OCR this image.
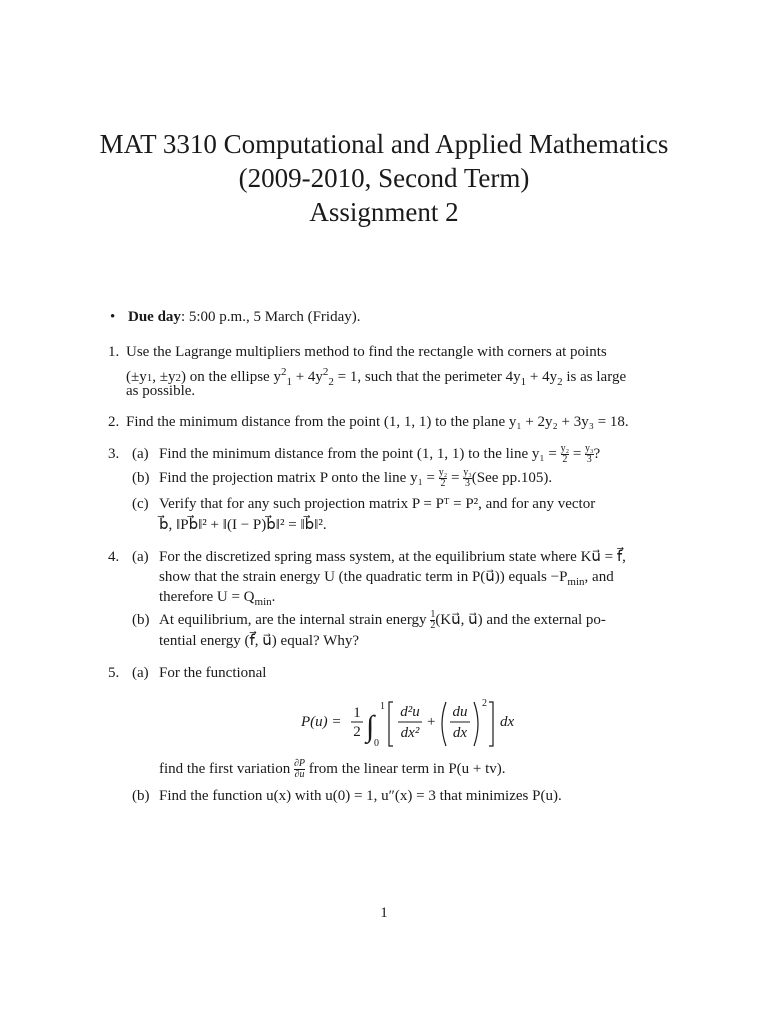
MAT 3310 Computational and Applied Mathematics
(2009-2010, Second Term)
Assignment 2
• Due day: 5:00 p.m., 5 March (Friday).
1. Use the Lagrange multipliers method to find the rectangle with corners at points
(±y1, ±y2) on the ellipse $y^2_1 + 4y^2_2 = 1$, such that the perimeter $4y_1 + 4y_2$ is as large
as possible.
2. Find the minimum distance from the point (1, 1, 1) to the plane y₁ + 2y₂ + 3y₃ = 18.
3. (a) Find the minimum distance from the point (1, 1, 1) to the line $y_1 = \frac{\text{y₂}}{2} = \frac{\text{y₃}}{3}$ ?
(b) Find the projection matrix P onto the line $y_1 = \frac{\text{y₂}}{2} = \frac{\text{y₃}}{3} (See$ pp.105).
(c) Verify that for any such projection matrix P = Pᵀ = P², and for any vector
b⃗, ‖Pb⃗‖² + ‖(I − P)b⃗‖² = ‖b⃗‖².
4. (a) For the discretized spring mass system, at the equilibrium state where Ku⃗ = f⃗,
show that the strain energy U (the quadratic term in P(u⃗)) equals $-P_{min}$, and
therefore $U = Q_{min}$.
(b) At equilibrium, are the internal strain energy $\frac{1}{2}$ (Ku⃗, u⃗) and the external po-
tential energy (f⃗, u⃗) equal? Why?
5. (a) For the functional
find the first variation $\frac{\partial P}{\partial u}$ from the linear term in P(u + tv).
(b) Find the function u(x) with u(0) = 1, u″(x) = 3 that minimizes P(u).
P(u) =
1
2 ∫
1
0
d²u
dx²
+
du
dx
2
dx
1
